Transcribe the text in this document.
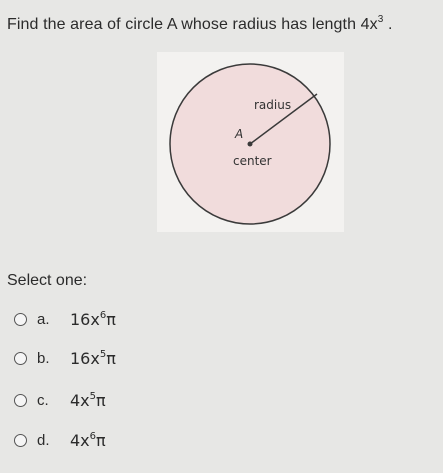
Find the area of circle A whose radius has length $4x^3$ .
radius
A
center
Select one:
a.	$16x^6\pi$
b.	$16x^5\pi$
c.	$4x^5\pi$
d.	$4x^6\pi$
